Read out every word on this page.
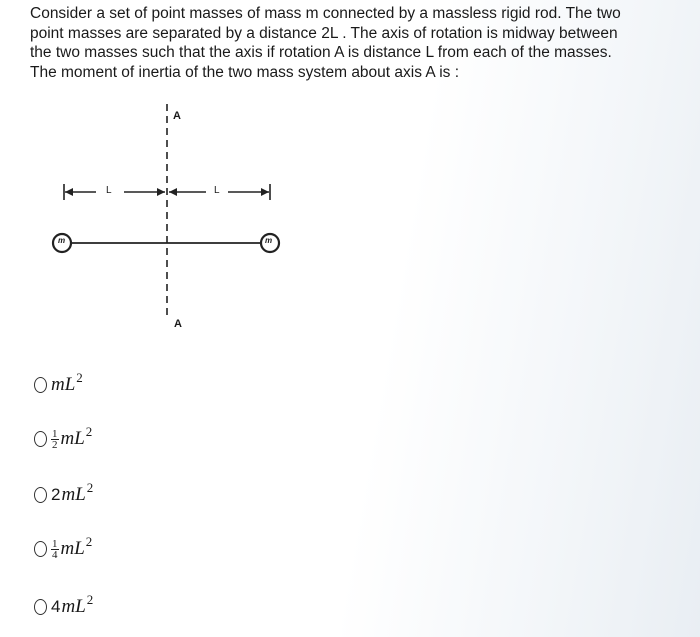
Consider a set of point masses of mass m connected by a massless rigid rod. The two

point masses are separated by a distance 2L . The axis of rotation is midway between

the two masses such that the axis if rotation A is distance L from each of the masses.

The moment of inertia of the two mass system about axis A is :

A
A
L	L
m	m
mL 2
$\frac{1}{2}$ mL 2
2 mL 2
$\frac{1}{4}$ mL 2
4 mL 2
